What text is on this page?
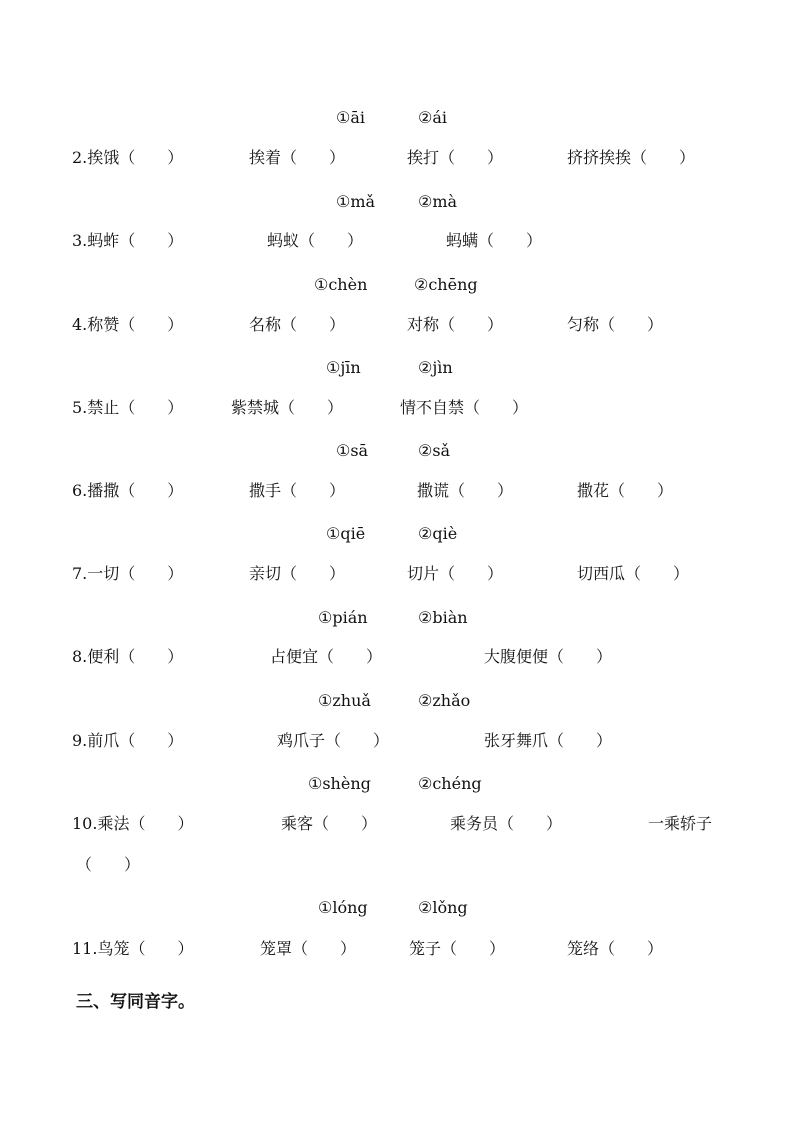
①āi	②ái
2.挨饿（　　）	挨着（　　）	挨打（　　）	挤挤挨挨（　　）
①mǎ	②mà
3.蚂蚱（　　）	蚂蚁（　　）	蚂螨（　　）
①chèn	②chēng
4.称赞（　　）	名称（　　）	对称（　　）	匀称（　　）
①jīn	②jìn
5.禁止（　　）	紫禁城（　　）	情不自禁（　　）
①sā	②sǎ
6.播撒（　　）	撒手（　　）	撒谎（　　）	撒花（　　）
①qiē	②qiè
7.一切（　　）	亲切（　　）	切片（　　）	切西瓜（　　）
①pián	②biàn
8.便利（　　）	占便宜（　　）	大腹便便（　　）
①zhuǎ	②zhǎo
9.前爪（　　）	鸡爪子（　　）	张牙舞爪（　　）
①shèng	②chéng
10.乘法（　　）	乘客（　　）	乘务员（　　）	一乘轿子
（　　）
①lóng	②lǒng
11.鸟笼（　　）	笼罩（　　）	笼子（　　）	笼络（　　）
三、写同音字。
